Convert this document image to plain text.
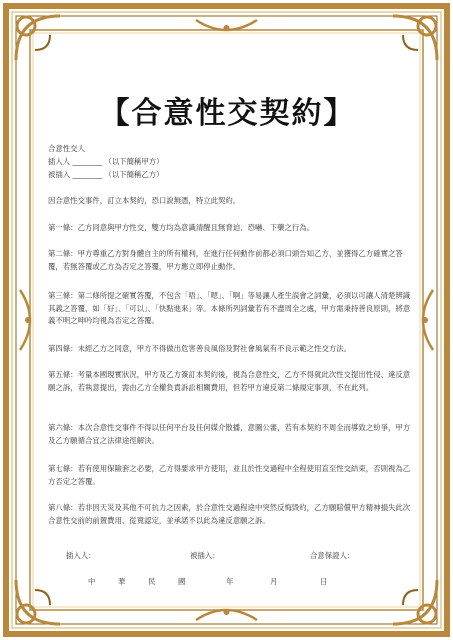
【合意性交契約】
合意性交人
插入人 ________ （以下簡稱甲方）
被插入 ________ （以下簡稱乙方）
因合意性交事件，訂立本契約，恐口說無憑，特立此契約。

第一條：乙方同意與甲方性交，雙方均為意識清醒且無脅迫、恐嚇、下藥之行為。

第二條：甲方尊重乙方對身體自主的所有權利，在進行任何動作前都必須口頭告知乙方，並獲得乙方確實之答覆，若無答覆或乙方為否定之答覆，甲方應立即停止動作。

第三條：第二條所提之確實答覆，不包含「唔」、「嗯」、「啊」等易讓人產生誤會之詞彙，必須以可讓人清楚辨識其義之答覆，如「好」、「可以」、「快點進來」等。本條所列詞彙若有不盡周全之處，甲方需秉持善良原則，將意義不明之呻吟均視為否定之答覆。

第四條：未經乙方之同意，甲方不得做出危害善良風俗及對社會風氣有不良示範之性交方法。

第五條：考量本國現實狀況，甲方及乙方簽訂本契約後，視為合意性交，乙方不得就此次性交提出性侵、違反意願之訴，若執意提出，需由乙方全權負責訴訟相關費用，但若甲方違反第二條規定事項，不在此列。

第六條：本次合意性交事件不得以任何平台及任何媒介散播，意圖公審，若有本契約不周全而導致之紛爭，甲方及乙方願循合宜之法律途徑解決。

第七條：若有使用保險套之必要，乙方得要求甲方使用，並且於性交過程中全程使用直至性交結束，否則視為乙方否定之答覆。

第八條：若非因天災及其他不可抗力之因素，於合意性交過程途中突然反悔毀約，乙方願賠償甲方精神損失此次合意性交前的前置費用、從寬認定，並承諾不以此為違反意願之訴。

插入人：	被插入：	合意保證人：
中	華	民	國	年	月	日
